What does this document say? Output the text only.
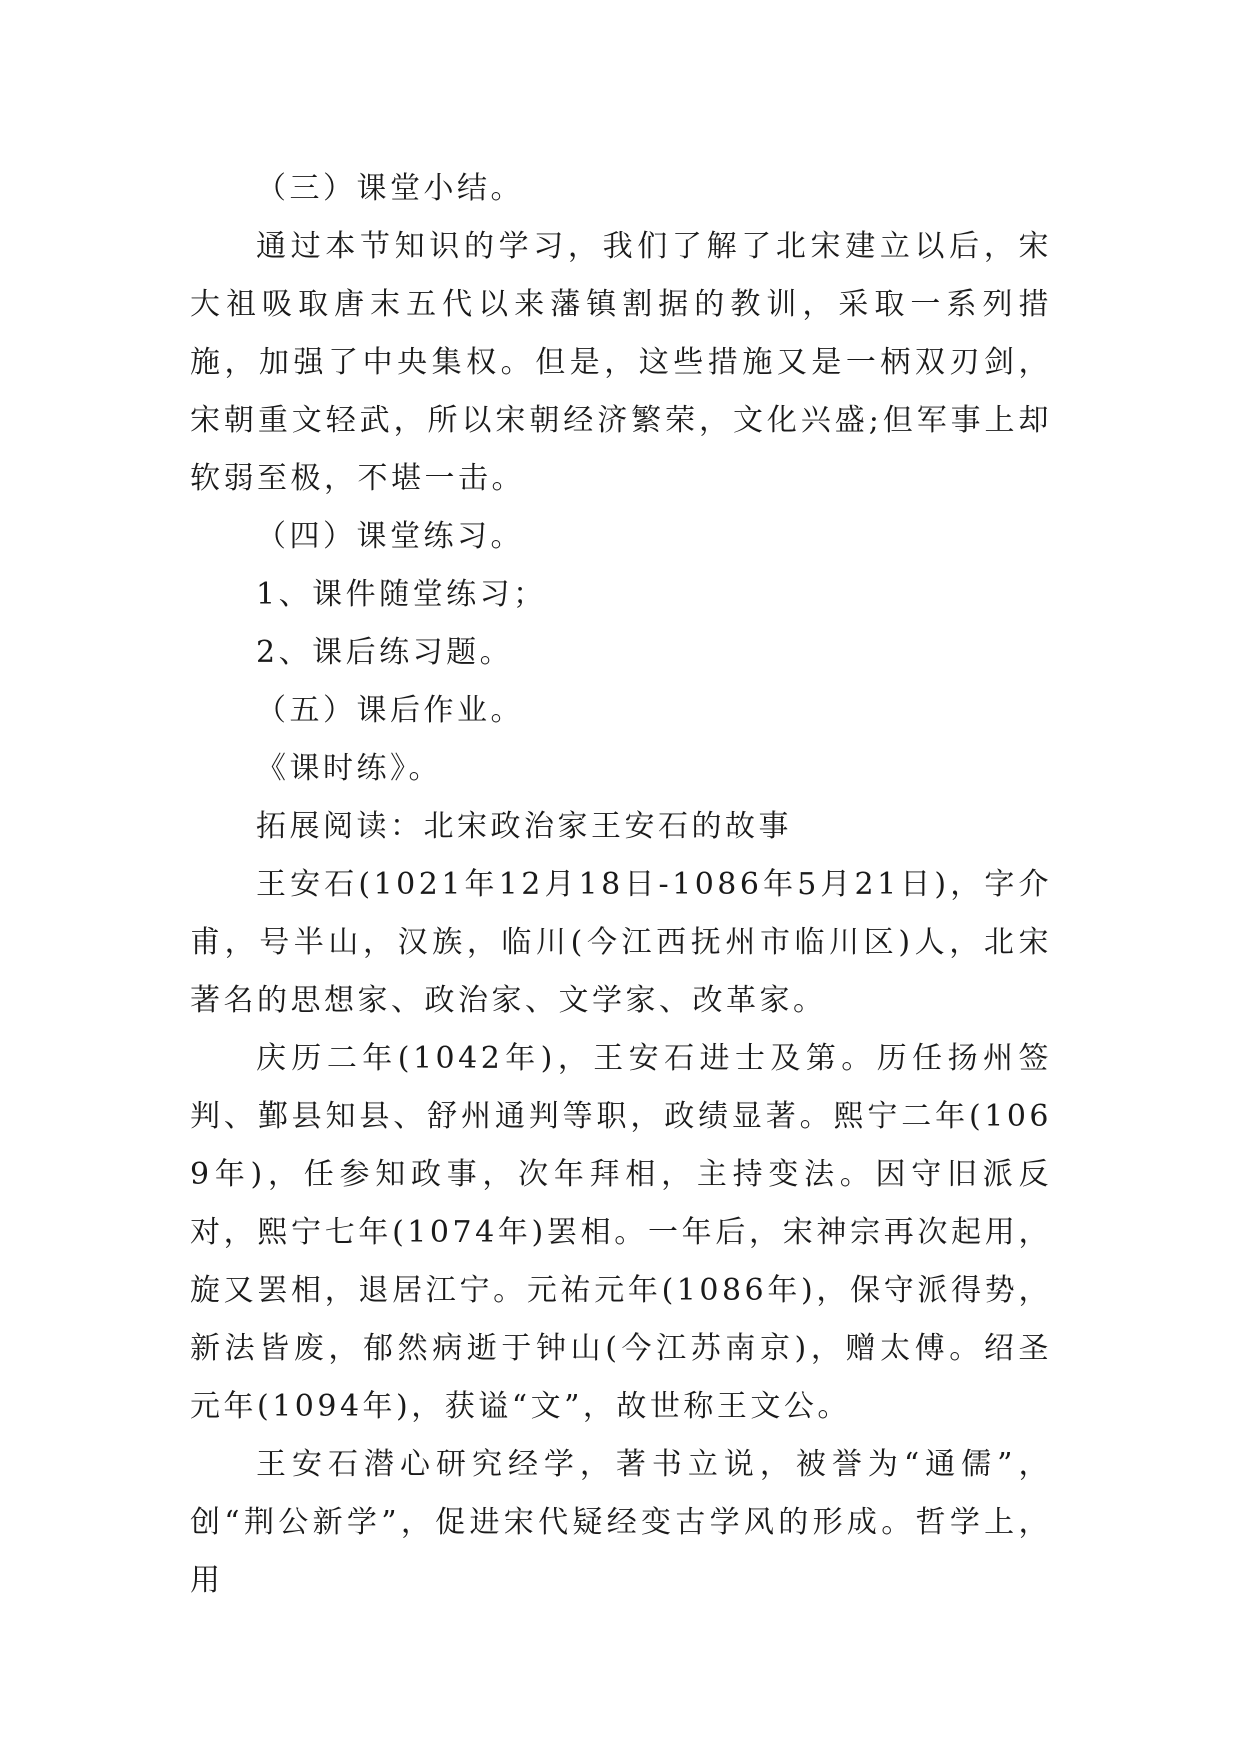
（三）课堂小结。

通过本节知识的学习，我们了解了北宋建立以后，宋大祖吸取唐末五代以来藩镇割据的教训，采取一系列措施，加强了中央集权。但是，这些措施又是一柄双刃剑，宋朝重文轻武，所以宋朝经济繁荣，文化兴盛;但军事上却软弱至极，不堪一击。

（四）课堂练习。

1、课件随堂练习；

2、课后练习题。

（五）课后作业。

《课时练》。

拓展阅读：北宋政治家王安石的故事

王安石(1021年12月18日-1086年5月21日)，字介甫，号半山，汉族，临川(今江西抚州市临川区)人，北宋著名的思想家、政治家、文学家、改革家。

庆历二年(1042年)，王安石进士及第。历任扬州签判、鄞县知县、舒州通判等职，政绩显著。熙宁二年(1069年)，任参知政事，次年拜相，主持变法。因守旧派反对，熙宁七年(1074年)罢相。一年后，宋神宗再次起用，旋又罢相，退居江宁。元祐元年(1086年)，保守派得势，新法皆废，郁然病逝于钟山(今江苏南京)，赠太傅。绍圣元年(1094年)，获谥“文”，故世称王文公。

王安石潜心研究经学，著书立说，被誉为“通儒”，创“荆公新学”，促进宋代疑经变古学风的形成。哲学上，用
